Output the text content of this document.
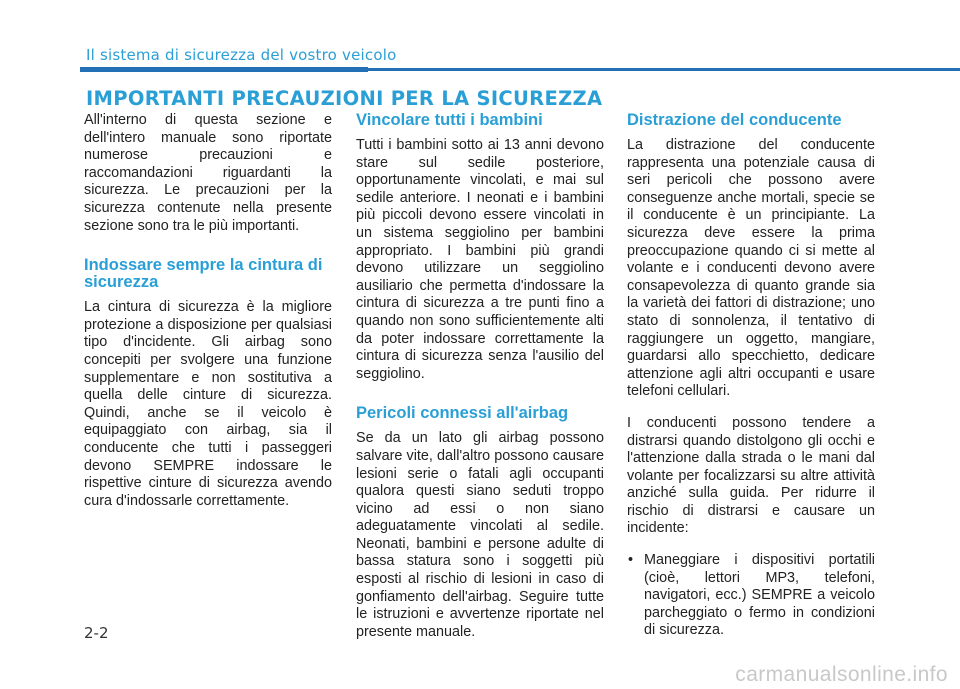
Il sistema di sicurezza del vostro veicolo
IMPORTANTI PRECAUZIONI PER LA SICUREZZA

All'interno di questa sezione e dell'intero manuale sono riportate numerose precauzioni e raccomandazioni riguardanti la sicurezza. Le precauzioni per la sicurezza contenute nella presente sezione sono tra le più importanti.

Indossare sempre la cintura di sicurezza

La cintura di sicurezza è la migliore protezione a disposizione per qualsiasi tipo d'incidente. Gli airbag sono concepiti per svolgere una funzione supplementare e non sostitutiva a quella delle cinture di sicurezza. Quindi, anche se il veicolo è equipaggiato con airbag, sia il conducente che tutti i passeggeri devono SEMPRE indossare le rispettive cinture di sicurezza avendo cura d'indossarle correttamente.

Vincolare tutti i bambini

Tutti i bambini sotto ai 13 anni devono stare sul sedile posteriore, opportunamente vincolati, e mai sul sedile anteriore. I neonati e i bambini più piccoli devono essere vincolati in un sistema seggiolino per bambini appropriato. I bambini più grandi devono utilizzare un seggiolino ausiliario che permetta d'indossare la cintura di sicurezza a tre punti fino a quando non sono sufficientemente alti da poter indossare correttamente la cintura di sicurezza senza l'ausilio del seggiolino.

Pericoli connessi all'airbag

Se da un lato gli airbag possono salvare vite, dall'altro possono causare lesioni serie o fatali agli occupanti qualora questi siano seduti troppo vicino ad essi o non siano adeguatamente vincolati al sedile. Neonati, bambini e persone adulte di bassa statura sono i soggetti più esposti al rischio di lesioni in caso di gonfiamento dell'airbag. Seguire tutte le istruzioni e avvertenze riportate nel presente manuale.

Distrazione del conducente

La distrazione del conducente rappresenta una potenziale causa di seri pericoli che possono avere conseguenze anche mortali, specie se il conducente è un principiante. La sicurezza deve essere la prima preoccupazione quando ci si mette al volante e i conducenti devono avere consapevolezza di quanto grande sia la varietà dei fattori di distrazione; uno stato di sonnolenza, il tentativo di raggiungere un oggetto, mangiare, guardarsi allo specchietto, dedicare attenzione agli altri occupanti e usare telefoni cellulari.

I conducenti possono tendere a distrarsi quando distolgono gli occhi e l'attenzione dalla strada o le mani dal volante per focalizzarsi su altre attività anziché sulla guida. Per ridurre il rischio di distrarsi e causare un incidente:

• Maneggiare i dispositivi portatili (cioè, lettori MP3, telefoni, navigatori, ecc.) SEMPRE a veicolo parcheggiato o fermo in condizioni di sicurezza.
2-2
carmanualsonline.info
